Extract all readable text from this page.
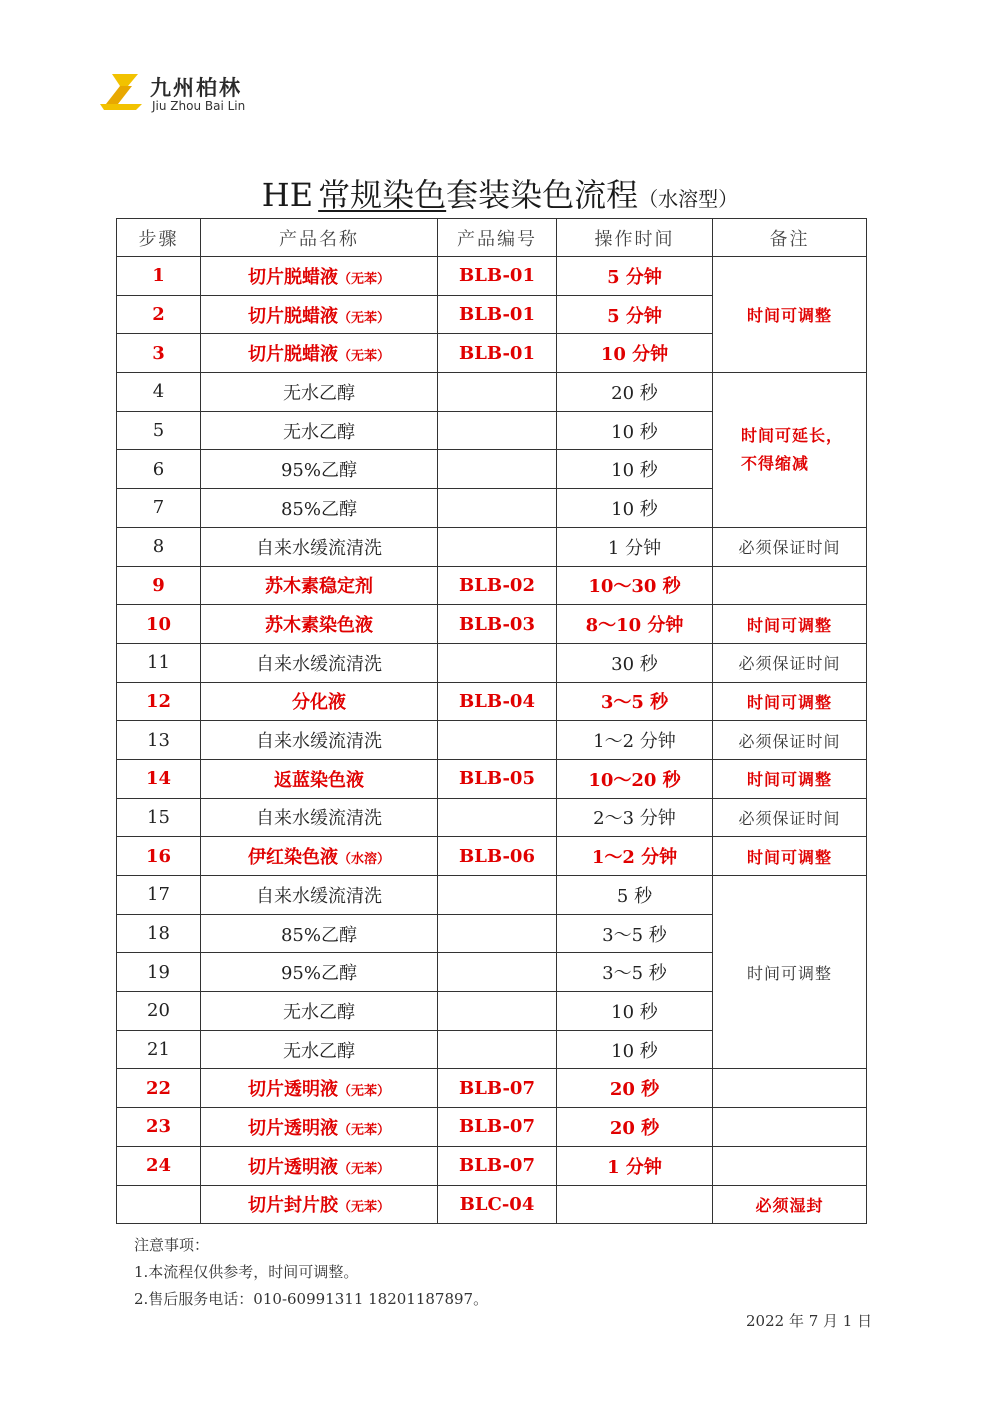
九州柏林
Jiu Zhou Bai Lin
HE 常规染色套装染色流程（水溶型）
步骤	产品名称	产品编号	操作时间	备注
1	切片脱蜡液（无苯）	BLB-01	5 分钟	时间可调整
2	切片脱蜡液（无苯）	BLB-01	5 分钟	
3	切片脱蜡液（无苯）	BLB-01	10 分钟	
4	无水乙醇		20 秒	时间可延长，不得缩减
5	无水乙醇		10 秒	
6	95%乙醇		10 秒	
7	85%乙醇		10 秒	
8	自来水缓流清洗		1 分钟	必须保证时间
9	苏木素稳定剂	BLB-02	10～30 秒	
10	苏木素染色液	BLB-03	8～10 分钟	时间可调整
11	自来水缓流清洗		30 秒	必须保证时间
12	分化液	BLB-04	3～5 秒	时间可调整
13	自来水缓流清洗		1～2 分钟	必须保证时间
14	返蓝染色液	BLB-05	10～20 秒	时间可调整
15	自来水缓流清洗		2～3 分钟	必须保证时间
16	伊红染色液（水溶）	BLB-06	1～2 分钟	时间可调整
17	自来水缓流清洗		5 秒	时间可调整
18	85%乙醇		3～5 秒	
19	95%乙醇		3～5 秒	
20	无水乙醇		10 秒	
21	无水乙醇		10 秒	
22	切片透明液（无苯）	BLB-07	20 秒	
23	切片透明液（无苯）	BLB-07	20 秒	
24	切片透明液（无苯）	BLB-07	1 分钟	
	切片封片胶（无苯）	BLC-04		必须湿封
注意事项：
1.本流程仅供参考，时间可调整。
2.售后服务电话：010-60991311 18201187897。
2022 年 7 月 1 日
